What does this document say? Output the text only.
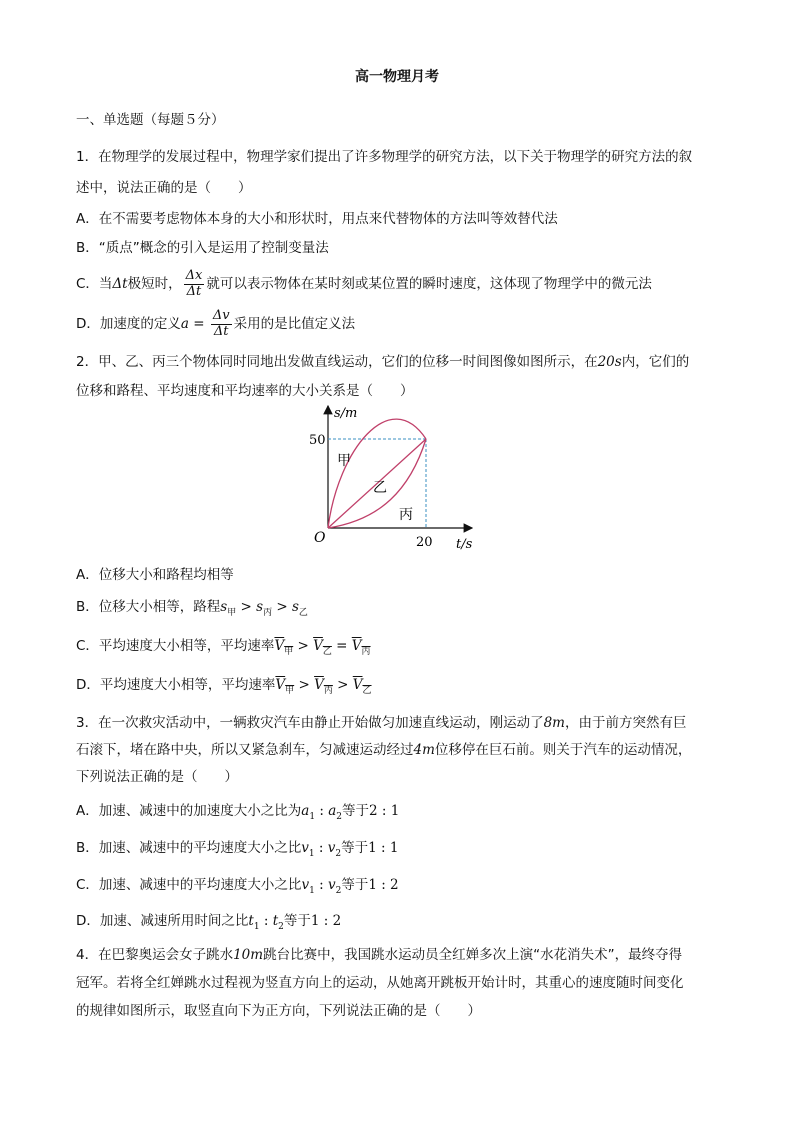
高一物理月考
一、单选题（每题５分）
1．在物理学的发展过程中，物理学家们提出了许多物理学的研究方法，以下关于物理学的研究方法的叙
述中，说法正确的是（　　）
A．在不需要考虑物体本身的大小和形状时，用点来代替物体的方法叫等效替代法
B．“质点”概念的引入是运用了控制变量法
C．当Δt极短时， $\frac{\Delta x}{\Delta t}$ 就可以表示物体在某时刻或某位置的瞬时速度，这体现了物理学中的微元法
D．加速度的定义$a = \frac{\Delta v}{\Delta t}$ 采用的是比值定义法
2．甲、乙、丙三个物体同时同地出发做直线运动，它们的位移一时间图像如图所示，在20s内，它们的
位移和路程、平均速度和平均速率的大小关系是（　　）
s/m
50
O	20 t/s
甲
乙
丙
A．位移大小和路程均相等
B．位移大小相等，路程$s_甲 > s_丙 > s_乙$
C．平均速度大小相等，平均速率$V_甲 > V_乙 = V_丙$
D．平均速度大小相等，平均速率$V_甲 > V_丙 > V_乙$
3．在一次救灾活动中，一辆救灾汽车由静止开始做匀加速直线运动，刚运动了8m，由于前方突然有巨
石滚下，堵在路中央，所以又紧急刹车，匀减速运动经过4m位移停在巨石前。则关于汽车的运动情况，
下列说法正确的是（　　）
A．加速、减速中的加速度大小之比为$a_1$ : $a_2$等于2 : 1
B．加速、减速中的平均速度大小之比$v_1$ : $v_2$等于1 : 1
C．加速、减速中的平均速度大小之比$v_1$ : $v_2$等于1 : 2
D．加速、减速所用时间之比$t_1$ : $t_2$等于1 : 2
4．在巴黎奥运会女子跳水10m跳台比赛中，我国跳水运动员全红婵多次上演“水花消失术”，最终夺得
冠军。若将全红婵跳水过程视为竖直方向上的运动，从她离开跳板开始计时，其重心的速度随时间变化
的规律如图所示，取竖直向下为正方向，下列说法正确的是（　　）
